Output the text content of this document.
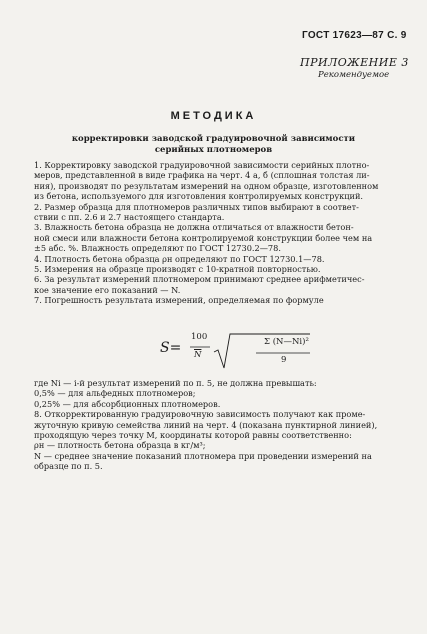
ГОСТ 17623—87 С. 9
ПРИЛОЖЕНИЕ 3
Рекомендуемое
МЕТОДИКА
корректировки заводской градуировочной зависимости
серийных плотномеров
1. Корректировку заводской градуировочной зависимости серийных плотно-
меров, представленной в виде графика на черт. 4 а, б (сплошная толстая ли-
ния), производят по результатам измерений на одном образце, изготовленном
из бетона, используемого для изготовления контролируемых конструкций.
2. Размер образца для плотномеров различных типов выбирают в соответ-
ствии с пп. 2.6 и 2.7 настоящего стандарта.
3. Влажность бетона образца не должна отличаться от влажности бетон-
ной смеси или влажности бетона контролируемой конструкции более чем на
±5 абс. %. Влажность определяют по ГОСТ 12730.2—78.
4. Плотность бетона образца ρн определяют по ГОСТ 12730.1—78.
5. Измерения на образце производят с 10-кратной повторностью.
6. За результат измерений плотномером принимают среднее арифметичес-
кое значение его показаний — N.
7. Погрешность результата измерений, определяемая по формуле
S=
100
$\overline{N}$
Σ (N—Ni)²
9
где Ni — i-й результат измерений по п. 5, не должна превышать:
0,5% — для альфедных плотномеров;
0,25% — для абсорбционных плотномеров.
8. Откорректированную градуировочную зависимость получают как проме-
жуточную кривую семейства линий на черт. 4 (показана пунктирной линией),
проходящую через точку M, координаты которой равны соответственно:
ρн — плотность бетона образца в кг/м³;
N — среднее значение показаний плотномера при проведении измерений на
образце по п. 5.
